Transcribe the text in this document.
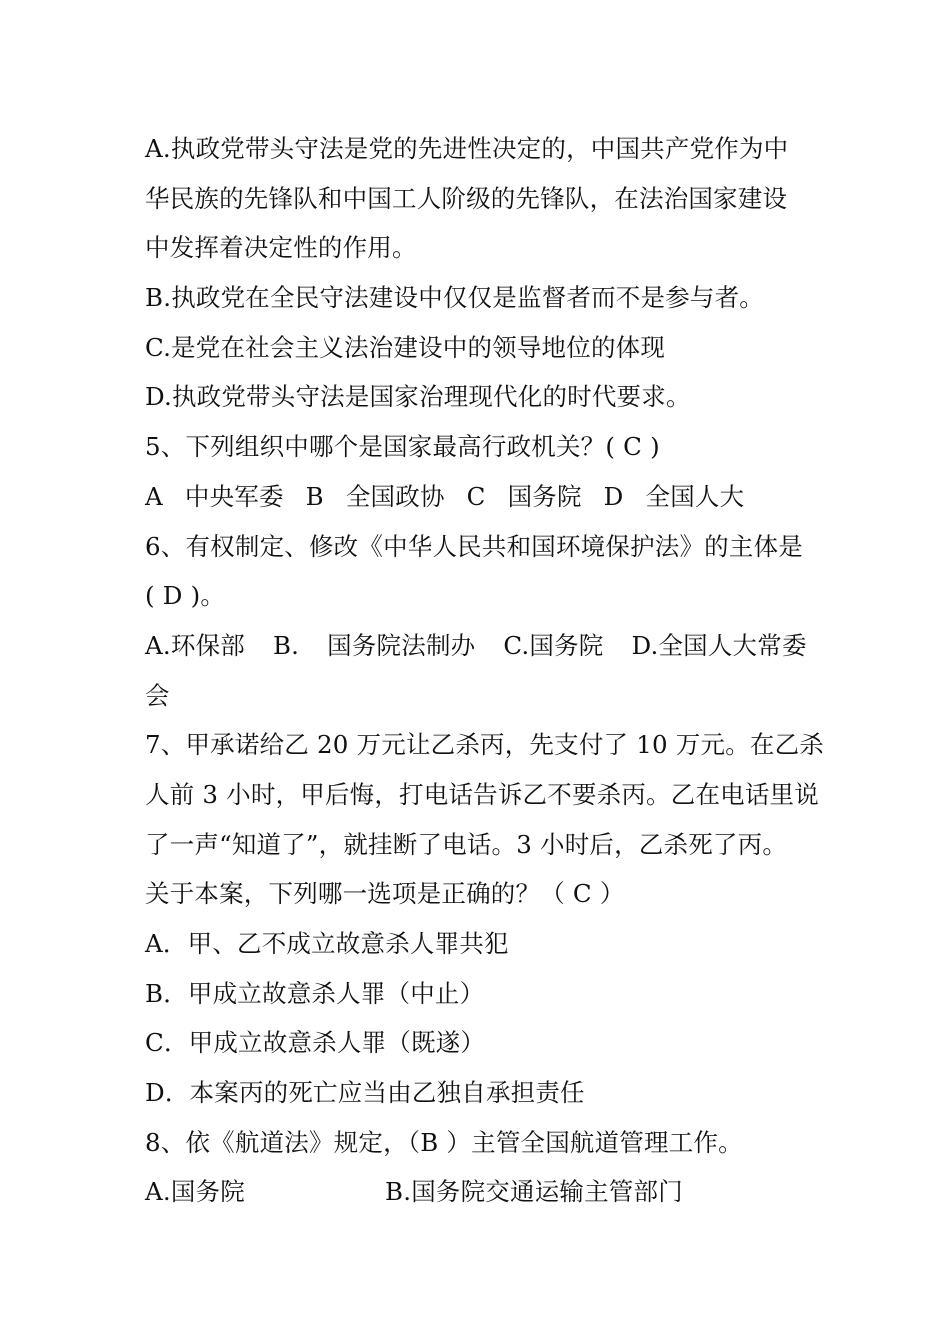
A.执政党带头守法是党的先进性决定的，中国共产党作为中
华民族的先锋队和中国工人阶级的先锋队，在法治国家建设
中发挥着决定性的作用。
B.执政党在全民守法建设中仅仅是监督者而不是参与者。
C.是党在社会主义法治建设中的领导地位的体现
D.执政党带头守法是国家治理现代化的时代要求。
5、下列组织中哪个是国家最高行政机关？( C )
A 中央军委 B 全国政协 C 国务院 D 全国人大
6、有权制定、修改《中华人民共和国环境保护法》的主体是
( D )。
A.环保部 B. 国务院法制办 C.国务院 D.全国人大常委
会
7、甲承诺给乙 20 万元让乙杀丙，先支付了 10 万元。在乙杀
人前 3 小时，甲后悔，打电话告诉乙不要杀丙。乙在电话里说
了一声“知道了”，就挂断了电话。3 小时后，乙杀死了丙。
关于本案，下列哪一选项是正确的？（ C ）
A．甲、乙不成立故意杀人罪共犯
B．甲成立故意杀人罪（中止）
C．甲成立故意杀人罪（既遂）
D．本案丙的死亡应当由乙独自承担责任
8、依《航道法》规定，（B ）主管全国航道管理工作。
A.国务院	B.国务院交通运输主管部门
